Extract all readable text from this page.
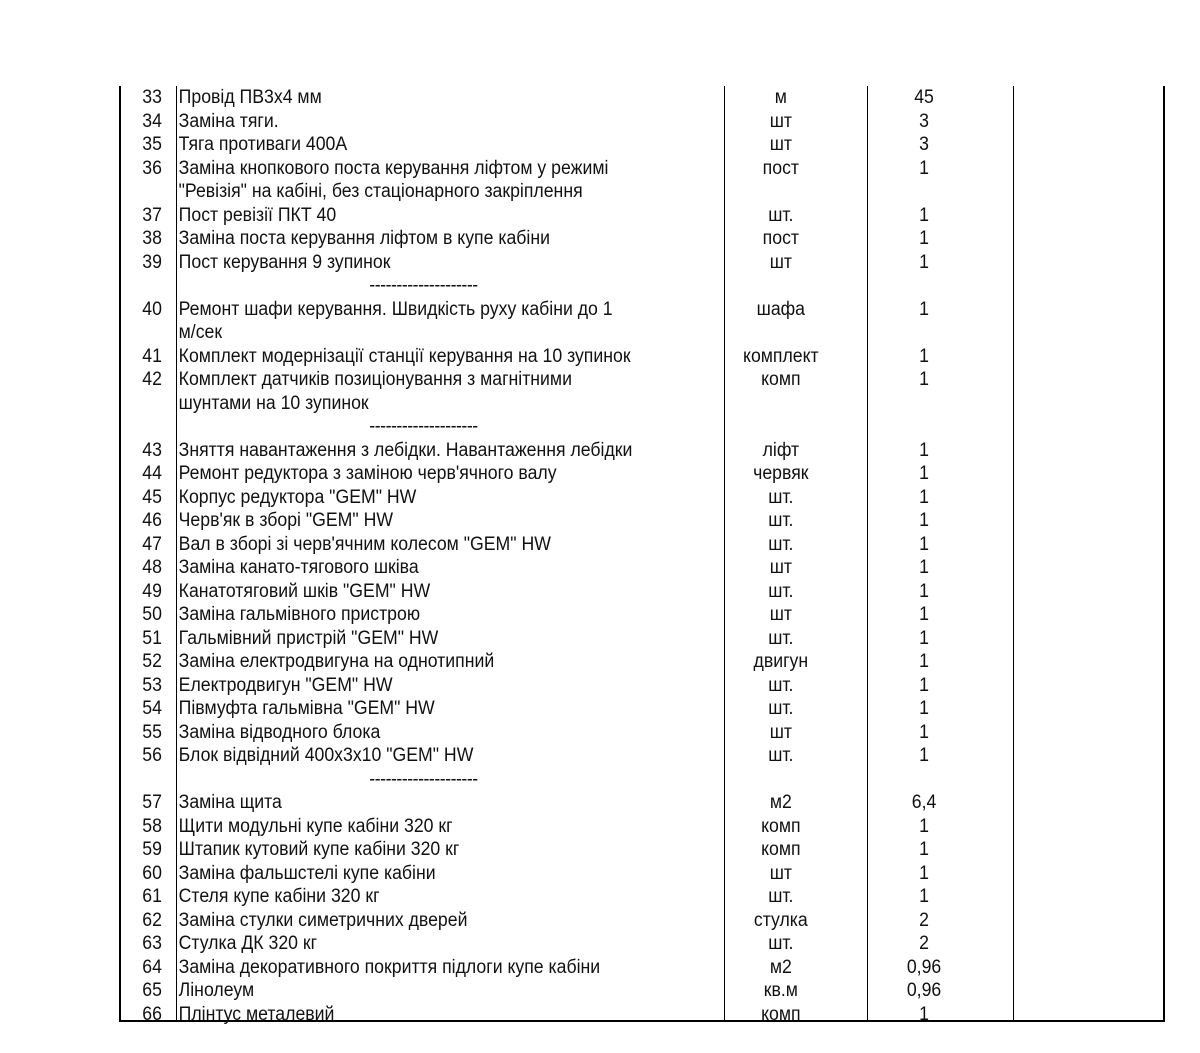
33 Провід ПВ3х4 мм	м	45
34 Заміна тяги.	шт	3
35 Тяга противаги 400А	шт	3
36 Заміна кнопкового поста керування ліфтом у режимі	пост	1
"Ревізія" на кабіні, без стаціонарного закріплення
37 Пост ревізії ПКТ 40	шт.	1
38 Заміна поста керування ліфтом в купе кабіни	пост	1
39 Пост керування 9 зупинок	шт	1
--------------------
40 Ремонт шафи керування. Швидкість руху кабіни до 1	шафа	1
м/сек
41 Комплект модернізації станції керування на 10 зупинок	комплект	1
42 Комплект датчиків позиціонування з магнітними	комп	1
шунтами на 10 зупинок
--------------------
43 Зняття навантаження з лебідки. Навантаження лебідки	ліфт	1
44 Ремонт редуктора з заміною черв'ячного валу	червяк	1
45 Корпус редуктора "GEM" HW	шт.	1
46 Черв'як в зборі "GEM" HW	шт.	1
47 Вал в зборі зі черв'ячним колесом "GEM" HW	шт.	1
48 Заміна канато-тягового шківа	шт	1
49 Канатотяговий шків "GEM" HW	шт.	1
50 Заміна гальмівного пристрою	шт	1
51 Гальмівний пристрій "GEM" HW	шт.	1
52 Заміна електродвигуна на однотипний	двигун	1
53 Електродвигун "GEM" HW	шт.	1
54 Півмуфта гальмівна "GEM" HW	шт.	1
55 Заміна відводного блока	шт	1
56 Блок відвідний 400х3х10 "GEM" HW	шт.	1
--------------------
57 Заміна щита	м2	6,4
58 Щити модульні купе кабіни 320 кг	комп	1
59 Штапик кутовий купе кабіни 320 кг	комп	1
60 Заміна фальшстелі купе кабіни	шт	1
61 Стеля купе кабіни 320 кг	шт.	1
62 Заміна стулки симетричних дверей	стулка	2
63 Стулка ДК 320 кг	шт.	2
64 Заміна декоративного покриття підлоги купе кабіни	м2	0,96
65 Лінолеум	кв.м	0,96
66 Плінтус металевий	комп	1
